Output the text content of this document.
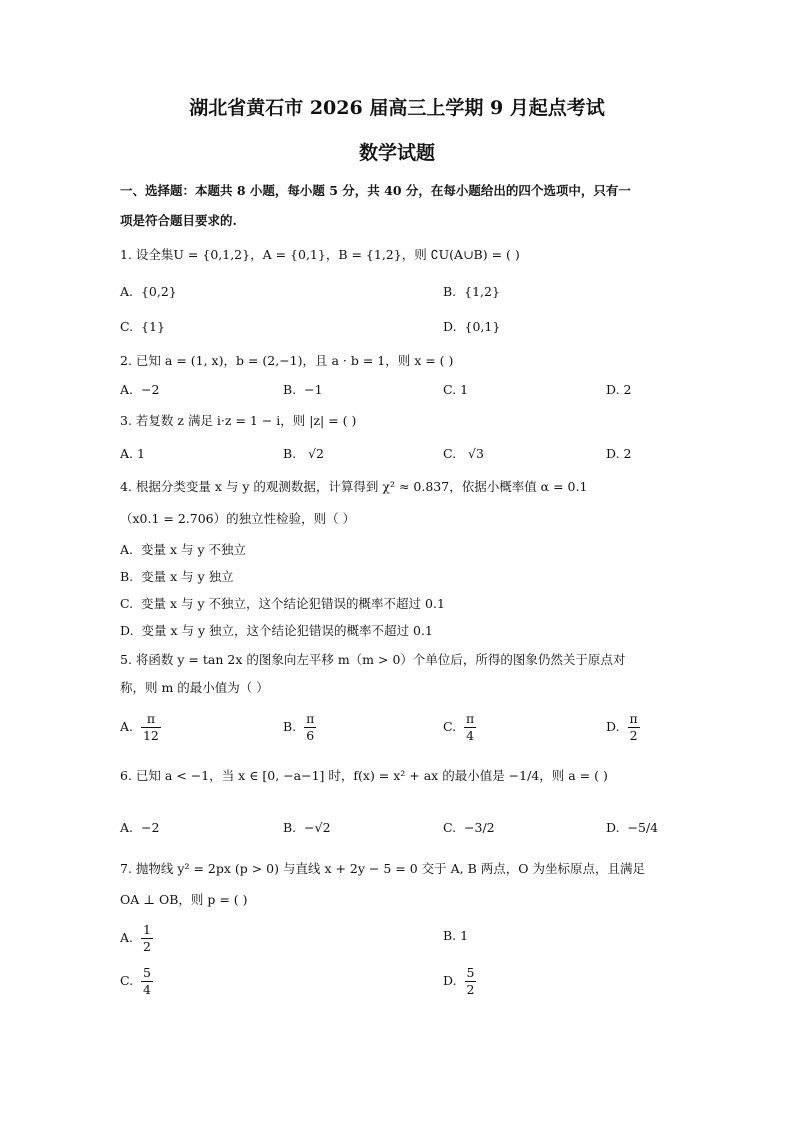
湖北省黄石市 2026 届高三上学期 9 月起点考试
数学试题
一、选择题：本题共 8 小题，每小题 5 分，共 40 分，在每小题给出的四个选项中，只有一
项是符合题目要求的.
1. 设全集U = {0,1,2}，A = {0,1}，B = {1,2}，则 ∁U(A∪B) = ( )
A. {0,2}	B. {1,2}
C. {1}	D. {0,1}
2. 已知 a = (1, x)，b = (2,−1)，且 a · b = 1，则 x = ( )
A. −2	B. −1	C. 1	D. 2
3. 若复数 z 满足 i·z = 1 − i，则 |z| = ( )
A. 1	B. √2	C. √3	D. 2
4. 根据分类变量 x 与 y 的观测数据，计算得到 χ² ≈ 0.837，依据小概率值 α = 0.1
（x0.1 = 2.706）的独立性检验，则（ ）
A. 变量 x 与 y 不独立
B. 变量 x 与 y 独立
C. 变量 x 与 y 不独立，这个结论犯错误的概率不超过 0.1
D. 变量 x 与 y 独立，这个结论犯错误的概率不超过 0.1
5. 将函数 y = tan 2x 的图象向左平移 m（m > 0）个单位后，所得的图象仍然关于原点对
称，则 m 的最小值为（ ）
A. $\frac{\pi}{12}$	B. $\frac{\pi}{6}$	C. $\frac{\pi}{4}$	D. $\frac{\pi}{2}$
6. 已知 a < −1，当 x ∈ [0, −a−1] 时，f(x) = x² + ax 的最小值是 −1/4，则 a = ( )
A. −2	B. −√2	C. −3/2	D. −5/4
7. 抛物线 y² = 2px (p > 0) 与直线 x + 2y − 5 = 0 交于 A, B 两点，O 为坐标原点，且满足
OA ⊥ OB，则 p = ( )
A. $\frac{1}{2}$	B. 1
C. $\frac{5}{4}$	D. $\frac{5}{2}$
